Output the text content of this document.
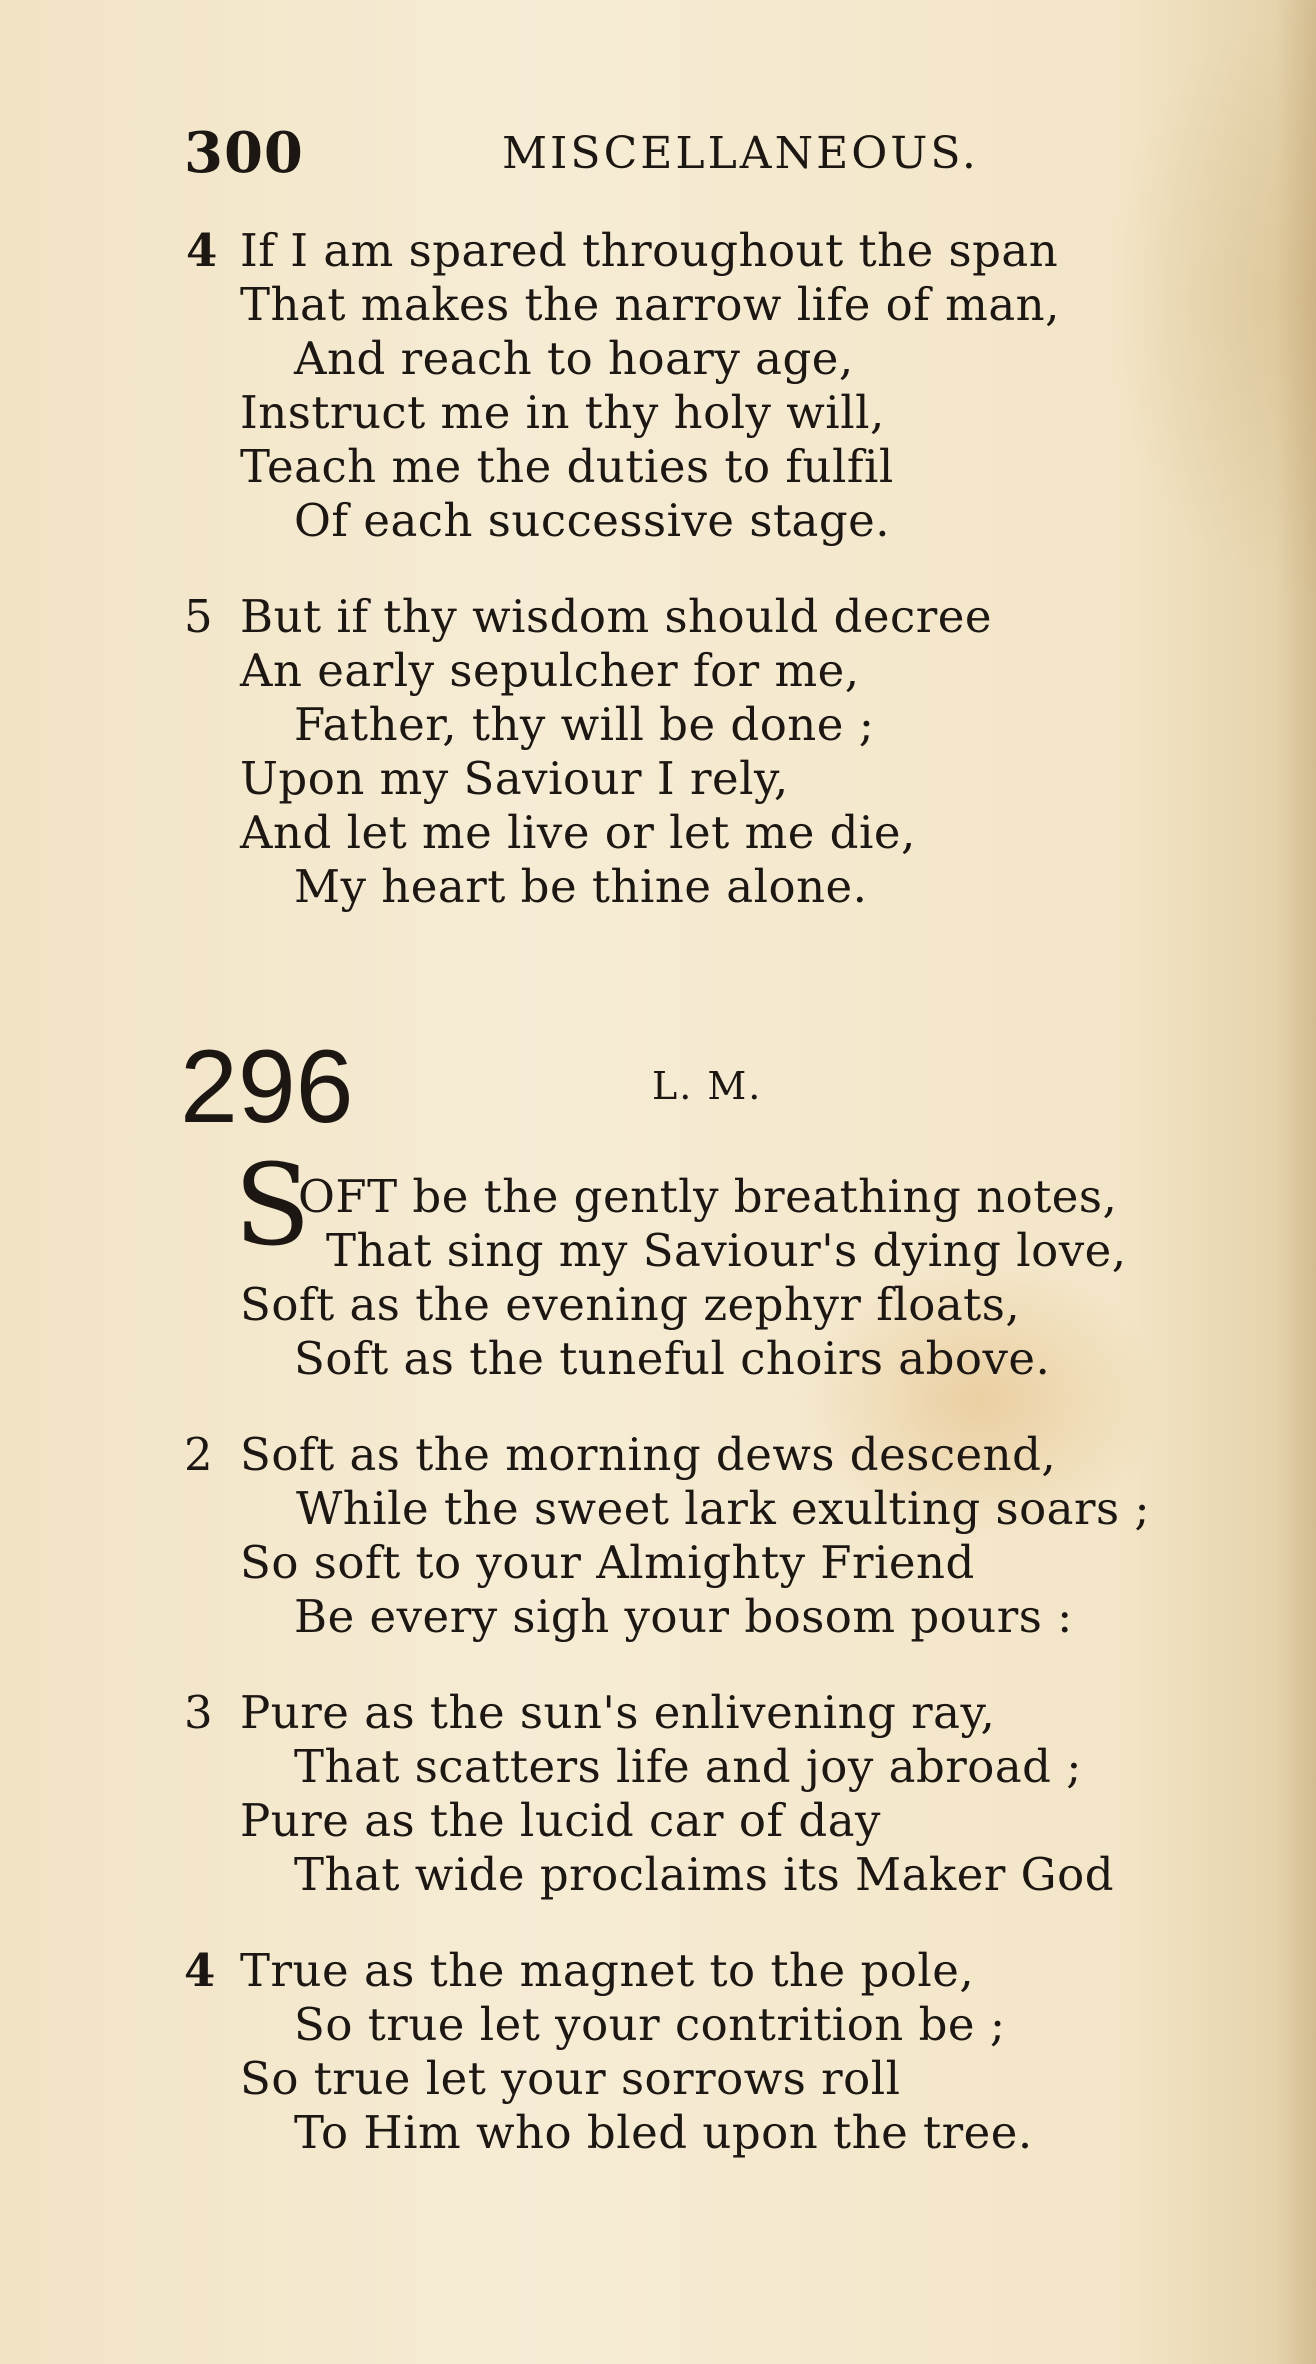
300	MISCELLANEOUS.
4 If I am spared throughout the span
That makes the narrow life of man,
And reach to hoary age,
Instruct me in thy holy will,
Teach me the duties to fulfil
Of each successive stage.
5 But if thy wisdom should decree
An early sepulcher for me,
Father, thy will be done ;
Upon my Saviour I rely,
And let me live or let me die,
My heart be thine alone.
296	L. M.
S
OFT be the gently breathing notes,
That sing my Saviour's dying love,
Soft as the evening zephyr floats,
Soft as the tuneful choirs above.
2 Soft as the morning dews descend,
While the sweet lark exulting soars ;
So soft to your Almighty Friend
Be every sigh your bosom pours :
3 Pure as the sun's enlivening ray,
That scatters life and joy abroad ;
Pure as the lucid car of day
That wide proclaims its Maker God
4 True as the magnet to the pole,
So true let your contrition be ;
So true let your sorrows roll
To Him who bled upon the tree.
